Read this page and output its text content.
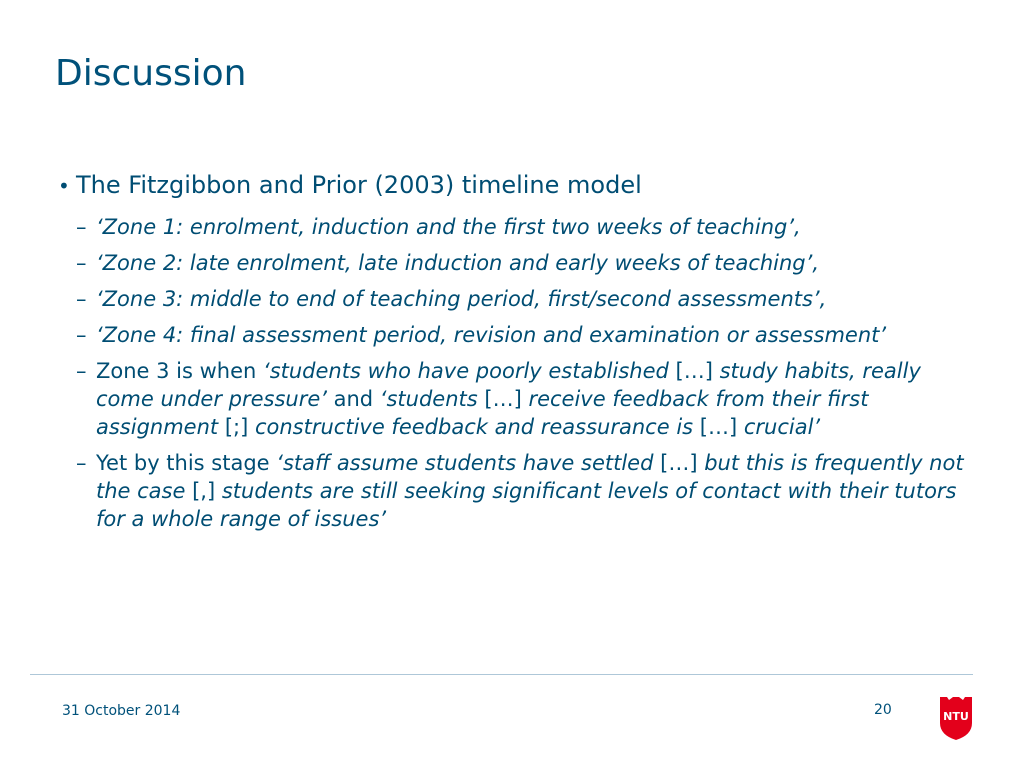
Discussion
• The Fitzgibbon and Prior (2003) timeline model
– ‘Zone 1: enrolment, induction and the first two weeks of teaching’,
– ‘Zone 2: late enrolment, late induction and early weeks of teaching’,
– ‘Zone 3: middle to end of teaching period, first/second assessments’,
– ‘Zone 4: final assessment period, revision and examination or assessment’
– Zone 3 is when ‘students who have poorly established […] study habits, really come under pressure’ and ‘students […] receive feedback from their first assignment [;] constructive feedback and reassurance is […] crucial’
– Yet by this stage ‘staff assume students have settled […] but this is frequently not the case [,] students are still seeking significant levels of contact with their tutors for a whole range of issues’
31 October 2014	20	NTU
